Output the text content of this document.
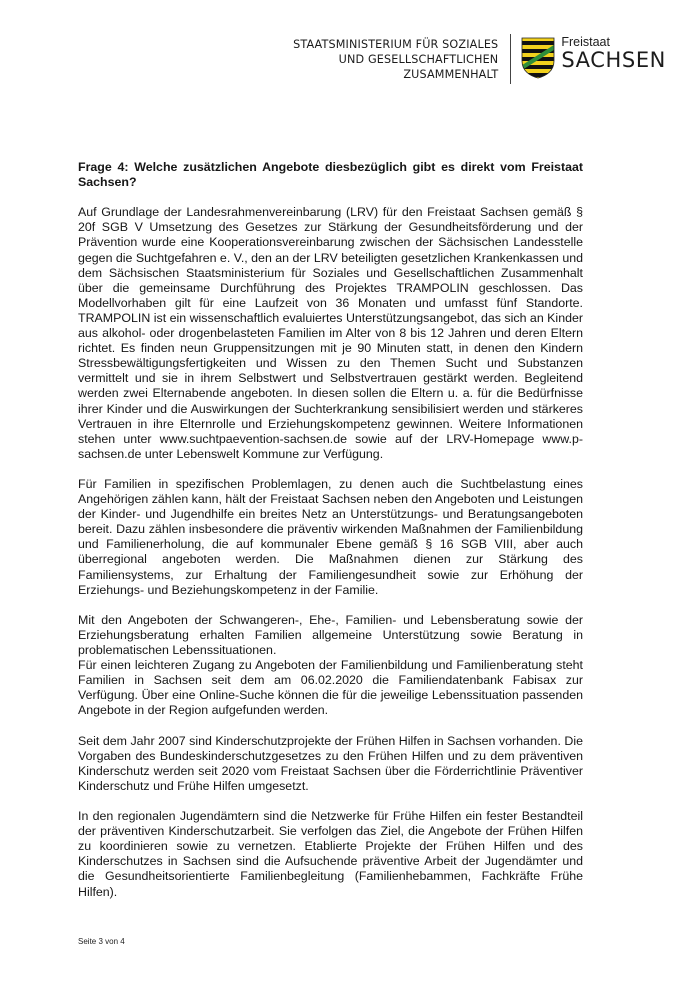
STAATSMINISTERIUM FÜR SOZIALES
UND GESELLSCHAFTLICHEN
ZUSAMMENHALT
Freistaat
SACHSEN

Frage 4: Welche zusätzlichen Angebote diesbezüglich gibt es direkt vom Freistaat Sachsen?

Auf Grundlage der Landesrahmenvereinbarung (LRV) für den Freistaat Sachsen gemäß § 20f SGB V Umsetzung des Gesetzes zur Stärkung der Gesundheitsförderung und der Prävention wurde eine Kooperationsvereinbarung zwischen der Sächsischen Landesstelle gegen die Suchtgefahren e. V., den an der LRV beteiligten gesetzlichen Krankenkassen und dem Sächsischen Staatsministerium für Soziales und Gesellschaftlichen Zusammenhalt über die gemeinsame Durchführung des Projektes TRAMPOLIN geschlossen. Das Modellvorhaben gilt für eine Laufzeit von 36 Monaten und umfasst fünf Standorte. TRAMPOLIN ist ein wissenschaftlich evaluiertes Unterstützungsangebot, das sich an Kinder aus alkohol- oder drogenbelasteten Familien im Alter von 8 bis 12 Jahren und deren Eltern richtet. Es finden neun Gruppensitzungen mit je 90 Minuten statt, in denen den Kindern Stressbewältigungsfertigkeiten und Wissen zu den Themen Sucht und Substanzen vermittelt und sie in ihrem Selbstwert und Selbstvertrauen gestärkt werden. Begleitend werden zwei Elternabende angeboten. In diesen sollen die Eltern u. a. für die Bedürfnisse ihrer Kinder und die Auswirkungen der Suchterkrankung sensibilisiert werden und stärkeres Vertrauen in ihre Elternrolle und Erziehungskompetenz gewinnen. Weitere Informationen stehen unter www.suchtpaevention-sachsen.de sowie auf der LRV-Homepage www.p-sachsen.de unter Lebenswelt Kommune zur Verfügung.

Für Familien in spezifischen Problemlagen, zu denen auch die Suchtbelastung eines Angehörigen zählen kann, hält der Freistaat Sachsen neben den Angeboten und Leistungen der Kinder- und Jugendhilfe ein breites Netz an Unterstützungs- und Beratungsangeboten bereit. Dazu zählen insbesondere die präventiv wirkenden Maßnahmen der Familienbildung und Familienerholung, die auf kommunaler Ebene gemäß § 16 SGB VIII, aber auch überregional angeboten werden. Die Maßnahmen dienen zur Stärkung des Familiensystems, zur Erhaltung der Familiengesundheit sowie zur Erhöhung der Erziehungs- und Beziehungskompetenz in der Familie.

Mit den Angeboten der Schwangeren-, Ehe-, Familien- und Lebensberatung sowie der Erziehungsberatung erhalten Familien allgemeine Unterstützung sowie Beratung in problematischen Lebenssituationen.

Für einen leichteren Zugang zu Angeboten der Familienbildung und Familienberatung steht Familien in Sachsen seit dem am 06.02.2020 die Familiendatenbank Fabisax zur Verfügung. Über eine Online-Suche können die für die jeweilige Lebenssituation passenden Angebote in der Region aufgefunden werden.

Seit dem Jahr 2007 sind Kinderschutzprojekte der Frühen Hilfen in Sachsen vorhanden. Die Vorgaben des Bundeskinderschutzgesetzes zu den Frühen Hilfen und zu dem präventiven Kinderschutz werden seit 2020 vom Freistaat Sachsen über die Förderrichtlinie Präventiver Kinderschutz und Frühe Hilfen umgesetzt.

In den regionalen Jugendämtern sind die Netzwerke für Frühe Hilfen ein fester Bestandteil der präventiven Kinderschutzarbeit. Sie verfolgen das Ziel, die Angebote der Frühen Hilfen zu koordinieren sowie zu vernetzen. Etablierte Projekte der Frühen Hilfen und des Kinderschutzes in Sachsen sind die Aufsuchende präventive Arbeit der Jugendämter und die Gesundheitsorientierte Familienbegleitung (Familienhebammen, Fachkräfte Frühe Hilfen).

Seite 3 von 4
